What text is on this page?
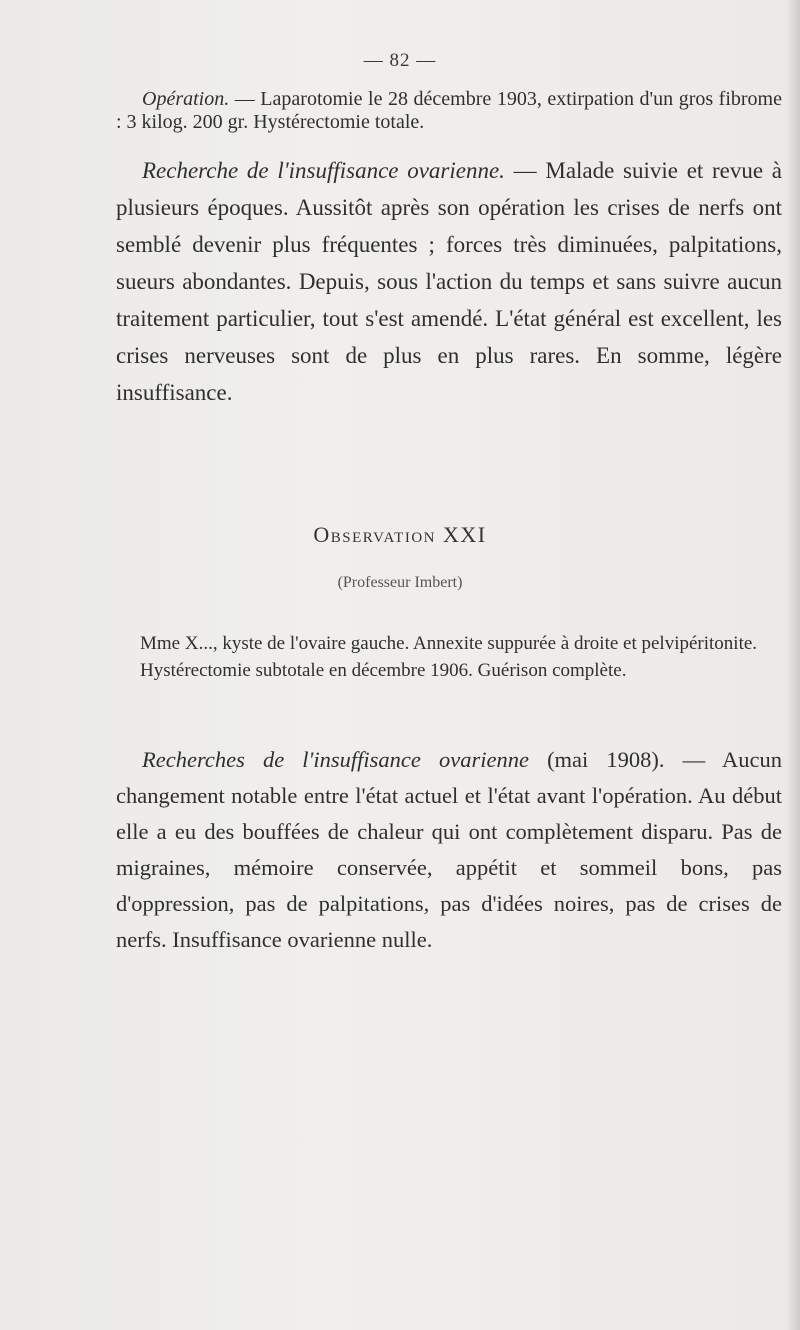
— 82 —
Opération. — Laparotomie le 28 décembre 1903, extirpation d'un gros fibrome : 3 kilog. 200 gr. Hystérectomie totale.
Recherche de l'insuffisance ovarienne. — Malade suivie et revue à plusieurs époques. Aussitôt après son opération les crises de nerfs ont semblé devenir plus fréquentes ; forces très diminuées, palpitations, sueurs abondantes. Depuis, sous l'action du temps et sans suivre aucun traitement particulier, tout s'est amendé. L'état général est excellent, les crises nerveuses sont de plus en plus rares. En somme, légère insuffisance.
Observation XXI
(Professeur Imbert)
Mme X..., kyste de l'ovaire gauche. Annexite suppurée à droite et pelvipéritonite.
Hystérectomie subtotale en décembre 1906. Guérison complète.
Recherches de l'insuffisance ovarienne (mai 1908). — Aucun changement notable entre l'état actuel et l'état avant l'opération. Au début elle a eu des bouffées de chaleur qui ont complètement disparu. Pas de migraines, mémoire conservée, appétit et sommeil bons, pas d'oppression, pas de palpitations, pas d'idées noires, pas de crises de nerfs. Insuffisance ovarienne nulle.
